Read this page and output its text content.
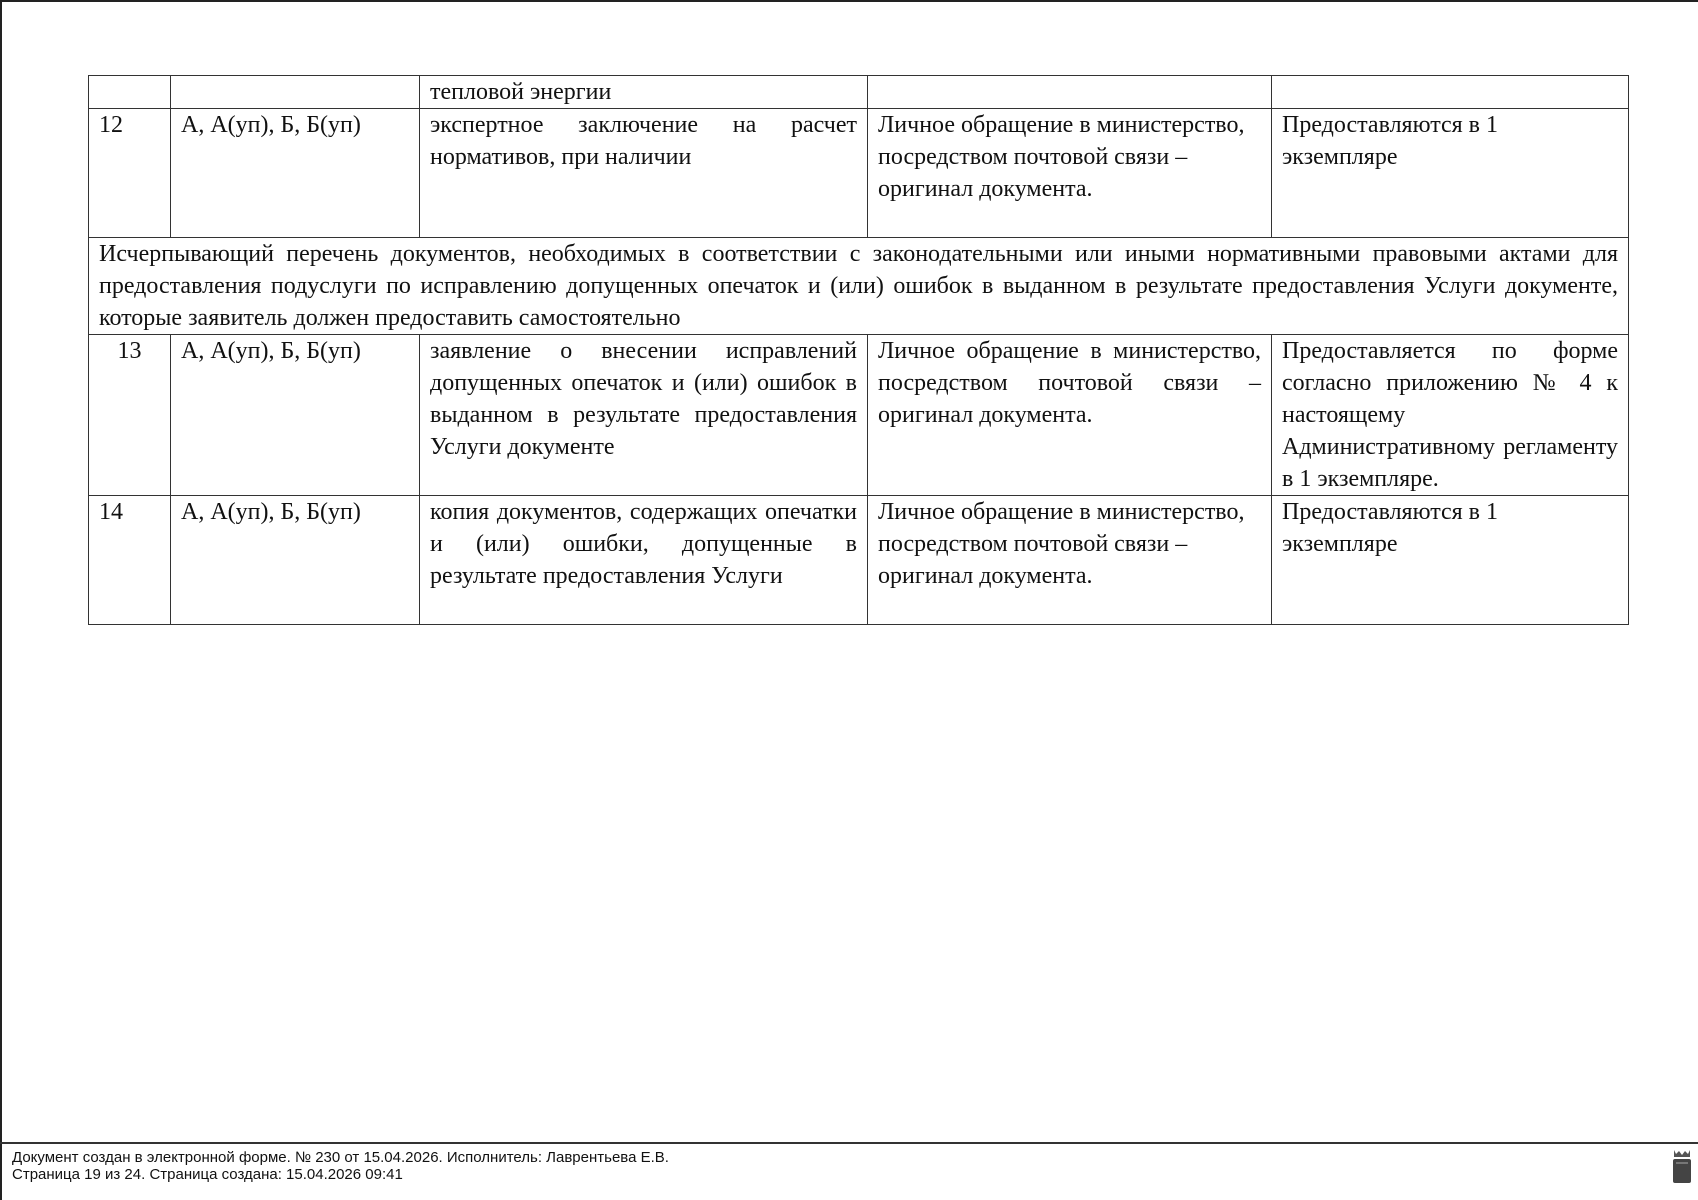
		тепловой энергии		
12	А, А(уп), Б, Б(уп)	экспертное заключение на расчет нормативов, при наличии	Личное обращение в министерство, посредством почтовой связи – оригинал документа.	Предоставляются в 1 экземпляре
Исчерпывающий перечень документов, необходимых в соответствии с законодательными или иными нормативными правовыми актами для предоставления подуслуги по исправлению допущенных опечаток и (или) ошибок в выданном в результате предоставления Услуги документе, которые заявитель должен предоставить самостоятельно				
13	А, А(уп), Б, Б(уп)	заявление о внесении исправлений допущенных опечаток и (или) ошибок в выданном в результате предоставления Услуги документе	Личное обращение в министерство, посредством почтовой связи – оригинал документа.	Предоставляется по форме согласно приложению № 4 к настоящему Административному регламенту в 1 экземпляре.
14	А, А(уп), Б, Б(уп)	копия документов, содержащих опечатки и (или) ошибки, допущенные в результате предоставления Услуги	Личное обращение в министерство, посредством почтовой связи – оригинал документа.	Предоставляются в 1 экземпляре
Документ создан в электронной форме. № 230 от 15.04.2026. Исполнитель: Лаврентьева Е.В.
Страница 19 из 24. Страница создана: 15.04.2026 09:41
